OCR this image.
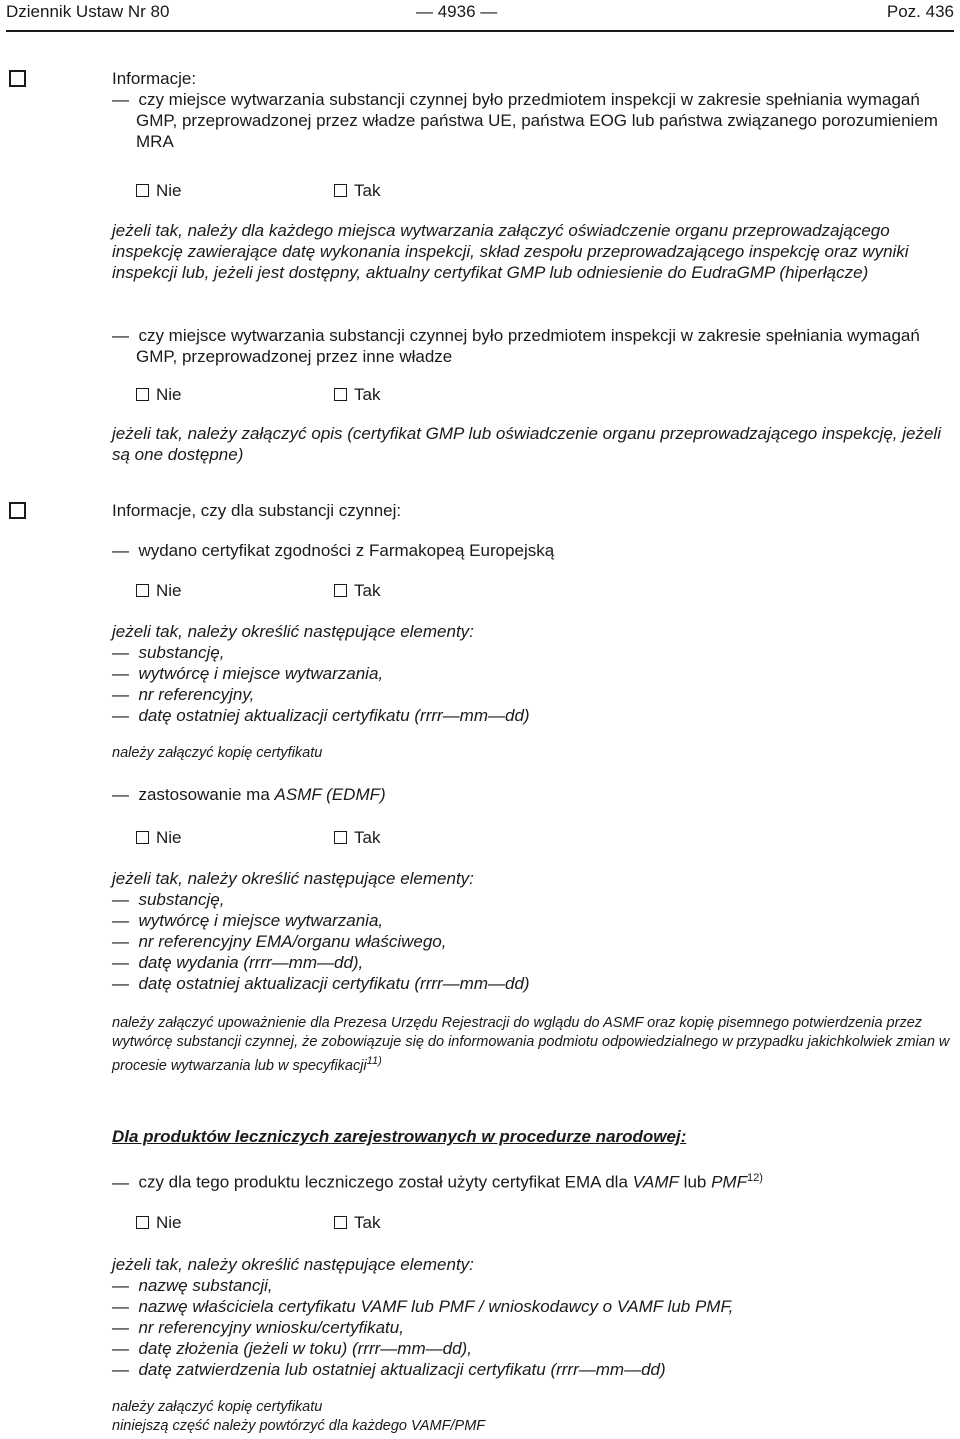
Dziennik Ustaw Nr 80	— 4936 —	Poz. 436

Informacje:

—  czy miejsce wytwarzania substancji czynnej było przedmiotem inspekcji w zakresie spełniania wymagań GMP, przeprowadzonej przez władze państwa UE, państwa EOG lub państwa związanego porozumieniem MRA

Nie	Tak

jeżeli tak, należy dla każdego miejsca wytwarzania załączyć oświadczenie organu przeprowadzającego inspekcję zawierające datę wykonania inspekcji, skład zespołu przeprowadzającego inspekcję oraz wyniki inspekcji lub, jeżeli jest dostępny, aktualny certyfikat GMP lub odniesienie do EudraGMP (hiperłącze)

—  czy miejsce wytwarzania substancji czynnej było przedmiotem inspekcji w zakresie spełniania wymagań GMP, przeprowadzonej przez inne władze

Nie	Tak

jeżeli tak, należy załączyć opis (certyfikat GMP lub oświadczenie organu przeprowadzającego inspekcję, jeżeli są one dostępne)

Informacje, czy dla substancji czynnej:

—  wydano certyfikat zgodności z Farmakopeą Europejską

Nie	Tak

jeżeli tak, należy określić następujące elementy:

—  substancję,

—  wytwórcę i miejsce wytwarzania,

—  nr referencyjny,

—  datę ostatniej aktualizacji certyfikatu (rrrr—mm—dd)

należy załączyć kopię certyfikatu

—  zastosowanie ma ASMF (EDMF)

Nie	Tak

jeżeli tak, należy określić następujące elementy:

—  substancję,

—  wytwórcę i miejsce wytwarzania,

—  nr referencyjny EMA/organu właściwego,

—  datę wydania (rrrr—mm—dd),

—  datę ostatniej aktualizacji certyfikatu (rrrr—mm—dd)

należy załączyć upoważnienie dla Prezesa Urzędu Rejestracji do wglądu do ASMF oraz kopię pisemnego potwierdzenia przez wytwórcę substancji czynnej, że zobowiązuje się do informowania podmiotu odpowiedzialnego w przypadku jakichkolwiek zmian w procesie wytwarzania lub w specyfikacji$^{11)}$

Dla produktów leczniczych zarejestrowanych w procedurze narodowej:

—  czy dla tego produktu leczniczego został użyty certyfikat EMA dla VAMF lub PMF$^{12)}$

Nie	Tak

jeżeli tak, należy określić następujące elementy:

—  nazwę substancji,

—  nazwę właściciela certyfikatu VAMF lub PMF / wnioskodawcy o VAMF lub PMF,

—  nr referencyjny wniosku/certyfikatu,

—  datę złożenia (jeżeli w toku) (rrrr—mm—dd),

—  datę zatwierdzenia lub ostatniej aktualizacji certyfikatu (rrrr—mm—dd)

należy załączyć kopię certyfikatu

niniejszą część należy powtórzyć dla każdego VAMF/PMF
